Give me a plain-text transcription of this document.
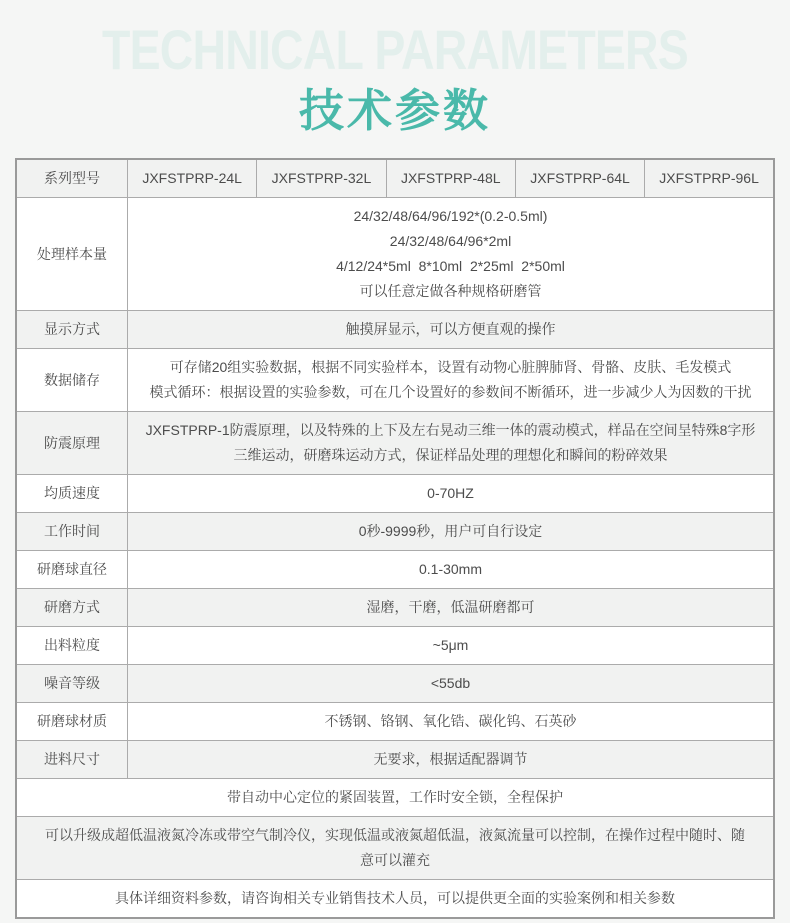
TECHNICAL PARAMETERS
技术参数
系列型号	JXFSTPRP-24L	JXFSTPRP-32L	JXFSTPRP-48L	JXFSTPRP-64L	JXFSTPRP-96L
处理样本量	24/32/48/64/96/192*(0.2-0.5ml)
24/32/48/64/96*2ml
4/12/24*5ml  8*10ml  2*25ml  2*50ml
可以任意定做各种规格研磨管				

显示方式	触摸屏显示，可以方便直观的操作				

数据储存	可存储20组实验数据，根据不同实验样本，设置有动物心脏脾肺肾、骨骼、皮肤、毛发模式
模式循环：根据设置的实验参数，可在几个设置好的参数间不断循环，进一步减少人为因数的干扰				

防震原理	JXFSTPRP-1防震原理，以及特殊的上下及左右晃动三维一体的震动模式，样品在空间呈特殊8字形
三维运动，研磨珠运动方式，保证样品处理的理想化和瞬间的粉碎效果				

均质速度	0-70HZ				

工作时间	0秒-9999秒，用户可自行设定				

研磨球直径	0.1-30mm				

研磨方式	湿磨，干磨，低温研磨都可				

出料粒度	~5μm				

噪音等级	<55db				

研磨球材质	不锈钢、铬钢、氧化锆、碳化钨、石英砂				

进料尺寸	无要求，根据适配器调节				

带自动中心定位的紧固装置，工作时安全锁，全程保护					

可以升级成超低温液氮冷冻或带空气制冷仪，实现低温或液氮超低温，液氮流量可以控制，在操作过程中随时、随
意可以灌充					

具体详细资料参数，请咨询相关专业销售技术人员，可以提供更全面的实验案例和相关参数					
